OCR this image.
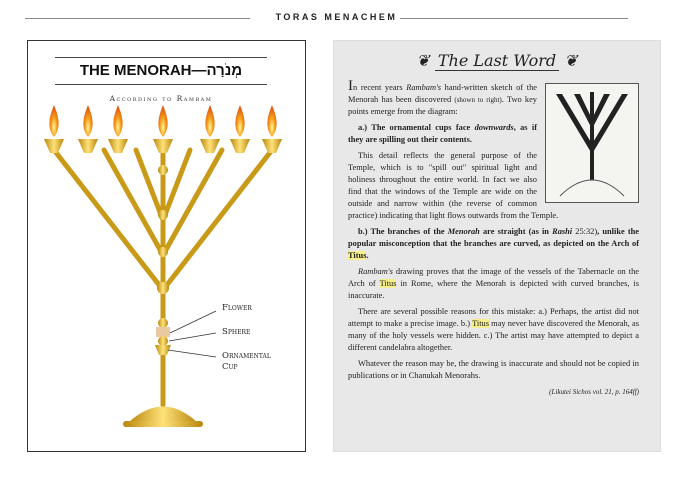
TORAS MENACHEM
THE MENORAH—מְנֹרָה
According to Rambam
Flower
Sphere
Ornamental
Cup
❦ The Last Word ❦

In recent years Rambam's hand-written sketch of the Menorah has been discovered (shown to right). Two key points emerge from the diagram:

a.) The ornamental cups face downwards, as if they are spilling out their contents.

This detail reflects the general purpose of the Temple, which is to "spill out" spiritual light and holiness throughout the entire world. In fact we also find that the windows of the Temple are wide on the outside and narrow within (the reverse of common practice) indicating that light flows outwards from the Temple.

b.) The branches of the Menorah are straight (as in Rashi 25:32), unlike the popular misconception that the branches are curved, as depicted on the Arch of Titus.

Rambam's drawing proves that the image of the vessels of the Tabernacle on the Arch of Titus in Rome, where the Menorah is depicted with curved branches, is inaccurate.

There are several possible reasons for this mistake: a.) Perhaps, the artist did not attempt to make a precise image. b.) Titus may never have discovered the Menorah, as many of the holy vessels were hidden. c.) The artist may have attempted to depict a different candelabra altogether.

Whatever the reason may be, the drawing is inaccurate and should not be copied in publications or in Chanukah Menorahs.

(Likutei Sichos vol. 21, p. 164ff)
